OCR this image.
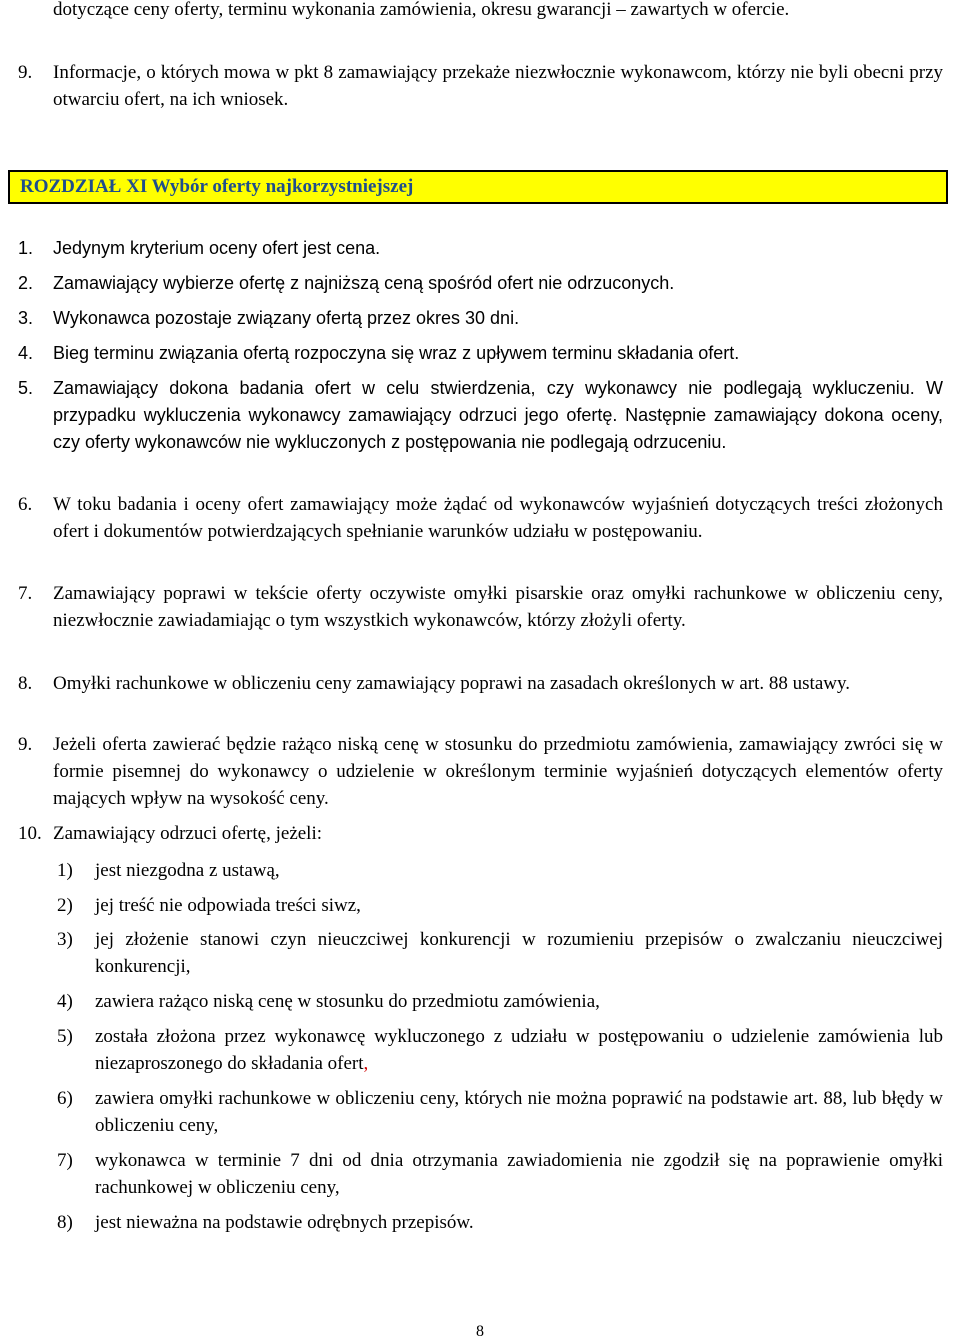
dotyczące ceny oferty, terminu wykonania zamówienia, okresu gwarancji – zawartych w ofercie.
9.	Informacje, o których mowa w pkt 8 zamawiający przekaże niezwłocznie wykonawcom, którzy nie byli obecni przy otwarciu ofert, na ich wniosek.
ROZDZIAŁ XI Wybór oferty najkorzystniejszej
1.	Jedynym kryterium oceny ofert jest cena.
2.	Zamawiający wybierze ofertę z najniższą ceną spośród ofert nie odrzuconych.
3.	Wykonawca pozostaje związany ofertą przez okres 30 dni.
4.	Bieg terminu związania ofertą rozpoczyna się wraz z upływem terminu składania ofert.
5.	Zamawiający dokona badania ofert w celu stwierdzenia, czy wykonawcy nie podlegają wykluczeniu. W przypadku wykluczenia wykonawcy zamawiający odrzuci jego ofertę. Następnie zamawiający dokona oceny, czy oferty wykonawców nie wykluczonych z postępowania nie podlegają odrzuceniu.
6.	W toku badania i oceny ofert zamawiający może żądać od wykonawców wyjaśnień dotyczących treści złożonych ofert i dokumentów potwierdzających spełnianie warunków udziału w postępowaniu.
7.	Zamawiający poprawi w tekście oferty oczywiste omyłki pisarskie oraz omyłki rachunkowe w obliczeniu ceny, niezwłocznie zawiadamiając o tym wszystkich wykonawców, którzy złożyli oferty.
8.	Omyłki rachunkowe w obliczeniu ceny zamawiający poprawi na zasadach określonych w art. 88 ustawy.
9.	Jeżeli oferta zawierać będzie rażąco niską cenę w stosunku do przedmiotu zamówienia, zamawiający zwróci się w formie pisemnej do wykonawcy o udzielenie w określonym terminie wyjaśnień dotyczących elementów oferty mających wpływ na wysokość ceny.
10. Zamawiający odrzuci ofertę, jeżeli:
1)	jest niezgodna z ustawą,
2)	jej treść nie odpowiada treści siwz,
3)	jej złożenie stanowi czyn nieuczciwej konkurencji w rozumieniu przepisów o zwalczaniu nieuczciwej konkurencji,
4)	zawiera rażąco niską cenę w stosunku do przedmiotu zamówienia,
5)	została złożona przez wykonawcę wykluczonego z udziału w postępowaniu o udzielenie zamówienia lub niezaproszonego do składania ofert,
6)	zawiera omyłki rachunkowe w obliczeniu ceny, których nie można poprawić na podstawie art. 88, lub błędy w obliczeniu ceny,
7)	wykonawca w terminie 7 dni od dnia otrzymania zawiadomienia nie zgodził się na poprawienie omyłki rachunkowej w obliczeniu ceny,
8)	jest nieważna na podstawie odrębnych przepisów.
8
